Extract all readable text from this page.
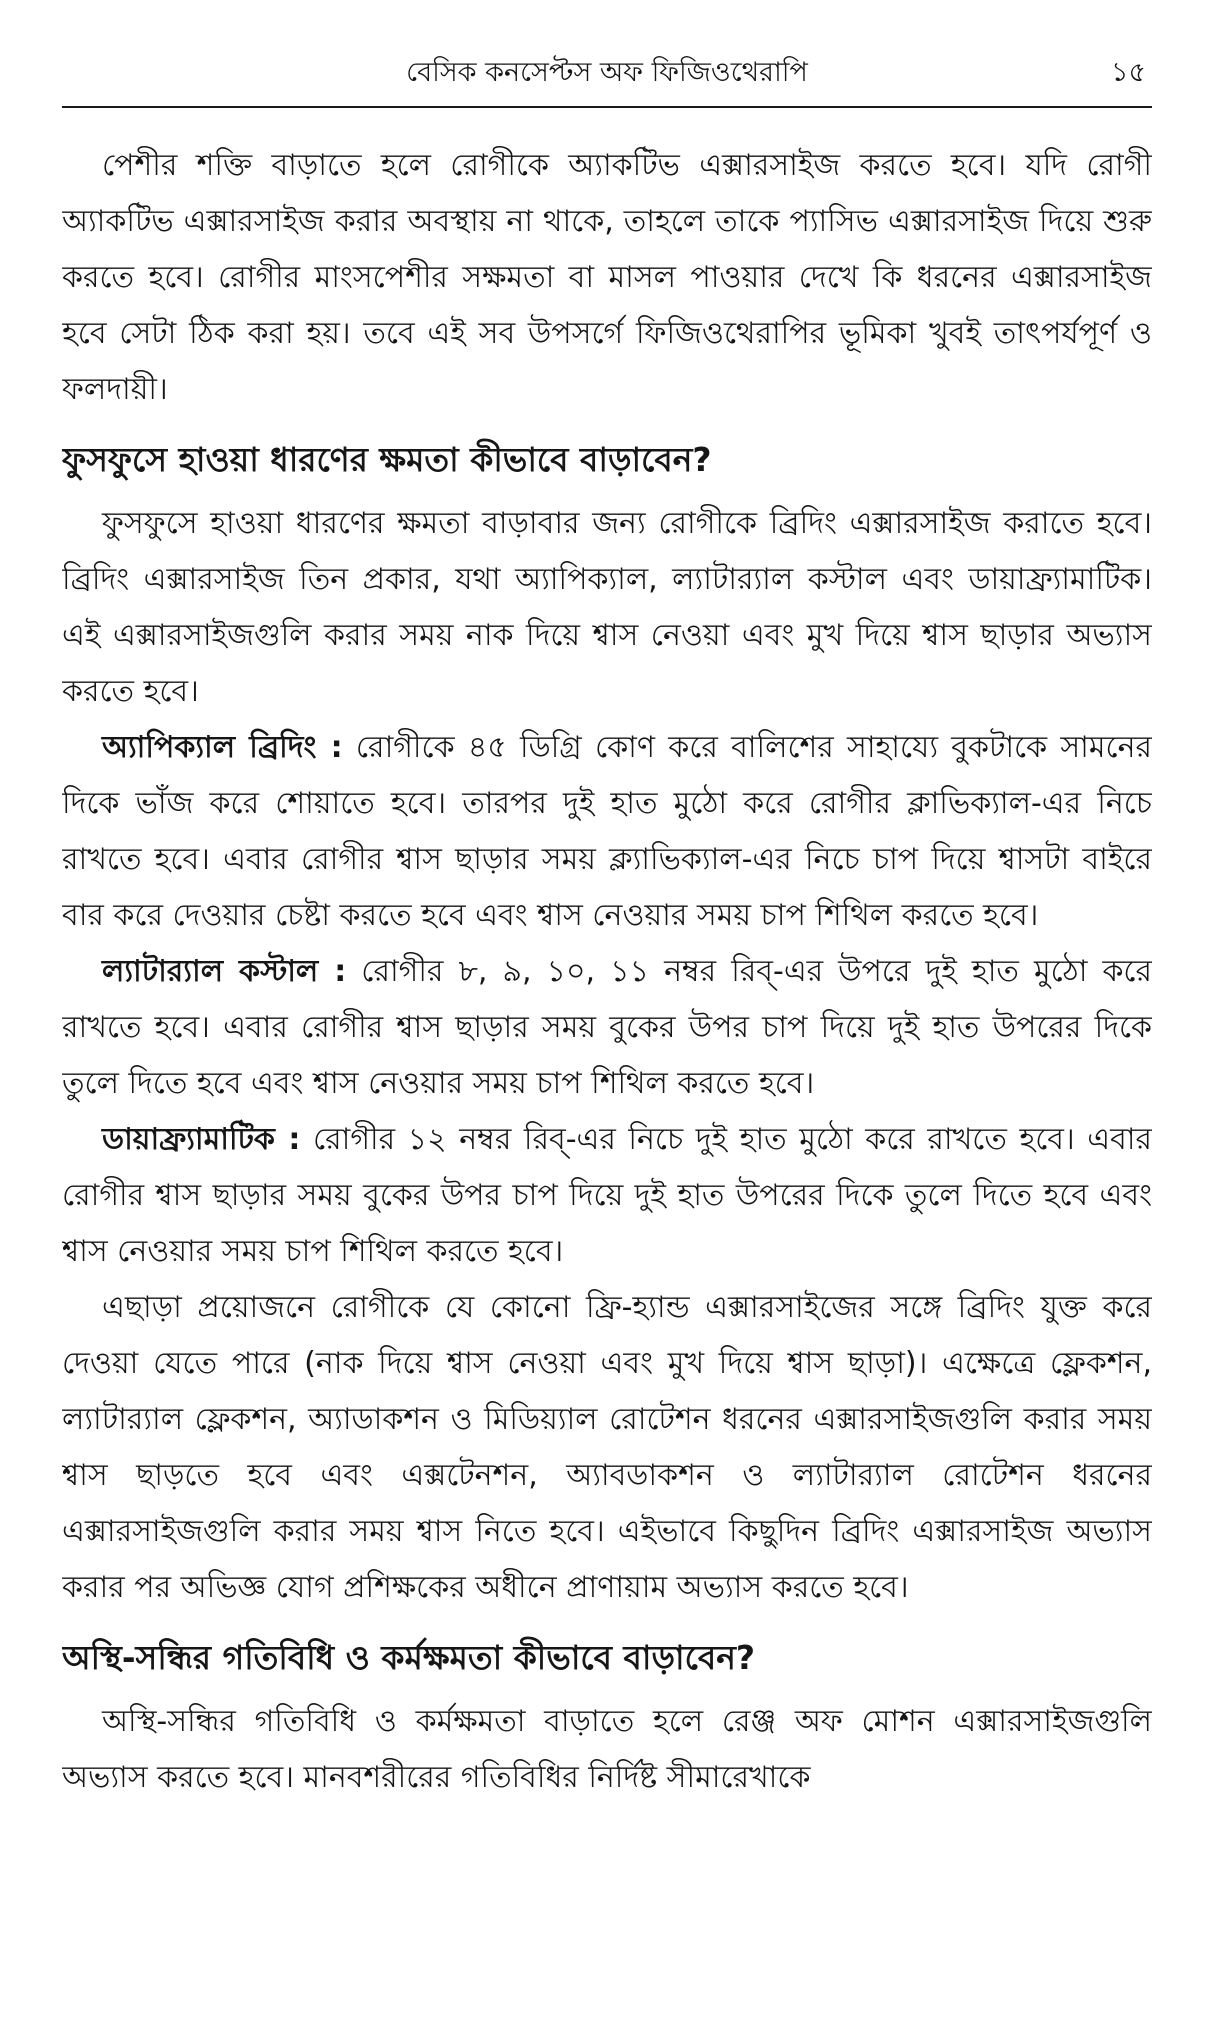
বেসিক কনসেপ্টস অফ ফিজিওথেরাপি	১৫

পেশীর শক্তি বাড়াতে হলে রোগীকে অ্যাকটিভ এক্সারসাইজ করতে হবে। যদি রোগী অ্যাকটিভ এক্সারসাইজ করার অবস্থায় না থাকে, তাহলে তাকে প্যাসিভ এক্সারসাইজ দিয়ে শুরু করতে হবে। রোগীর মাংসপেশীর সক্ষমতা বা মাসল পাওয়ার দেখে কি ধরনের এক্সারসাইজ হবে সেটা ঠিক করা হয়। তবে এই সব উপসর্গে ফিজিওথেরাপির ভূমিকা খুবই তাৎপর্যপূর্ণ ও ফলদায়ী।

ফুসফুসে হাওয়া ধারণের ক্ষমতা কীভাবে বাড়াবেন?

ফুসফুসে হাওয়া ধারণের ক্ষমতা বাড়াবার জন্য রোগীকে ব্রিদিং এক্সারসাইজ করাতে হবে। ব্রিদিং এক্সারসাইজ তিন প্রকার, যথা অ্যাপিক্যাল, ল্যাটার‍্যাল কস্টাল এবং ডায়াফ্র্যামাটিক। এই এক্সারসাইজগুলি করার সময় নাক দিয়ে শ্বাস নেওয়া এবং মুখ দিয়ে শ্বাস ছাড়ার অভ্যাস করতে হবে।

অ্যাপিক্যাল ব্রিদিং : রোগীকে ৪৫ ডিগ্রি কোণ করে বালিশের সাহায্যে বুকটাকে সামনের দিকে ভাঁজ করে শোয়াতে হবে। তারপর দুই হাত মুঠো করে রোগীর ক্লাভিক্যাল-এর নিচে রাখতে হবে। এবার রোগীর শ্বাস ছাড়ার সময় ক্ল্যাভিক্যাল-এর নিচে চাপ দিয়ে শ্বাসটা বাইরে বার করে দেওয়ার চেষ্টা করতে হবে এবং শ্বাস নেওয়ার সময় চাপ শিথিল করতে হবে।

ল্যাটার‍্যাল কস্টাল : রোগীর ৮, ৯, ১০, ১১ নম্বর রিব্-এর উপরে দুই হাত মুঠো করে রাখতে হবে। এবার রোগীর শ্বাস ছাড়ার সময় বুকের উপর চাপ দিয়ে দুই হাত উপরের দিকে তুলে দিতে হবে এবং শ্বাস নেওয়ার সময় চাপ শিথিল করতে হবে।

ডায়াফ্র্যামাটিক : রোগীর ১২ নম্বর রিব্-এর নিচে দুই হাত মুঠো করে রাখতে হবে। এবার রোগীর শ্বাস ছাড়ার সময় বুকের উপর চাপ দিয়ে দুই হাত উপরের দিকে তুলে দিতে হবে এবং শ্বাস নেওয়ার সময় চাপ শিথিল করতে হবে।

এছাড়া প্রয়োজনে রোগীকে যে কোনো ফ্রি-হ্যান্ড এক্সারসাইজের সঙ্গে ব্রিদিং যুক্ত করে দেওয়া যেতে পারে (নাক দিয়ে শ্বাস নেওয়া এবং মুখ দিয়ে শ্বাস ছাড়া)। এক্ষেত্রে ফ্লেকশন, ল্যাটার‍্যাল ফ্লেকশন, অ্যাডাকশন ও মিডিয়্যাল রোটেশন ধরনের এক্সারসাইজগুলি করার সময় শ্বাস ছাড়তে হবে এবং এক্সটেনশন, অ্যাবডাকশন ও ল্যাটার‍্যাল রোটেশন ধরনের এক্সারসাইজগুলি করার সময় শ্বাস নিতে হবে। এইভাবে কিছুদিন ব্রিদিং এক্সারসাইজ অভ্যাস করার পর অভিজ্ঞ যোগ প্রশিক্ষকের অধীনে প্রাণায়াম অভ্যাস করতে হবে।

অস্থি-সন্ধির গতিবিধি ও কর্মক্ষমতা কীভাবে বাড়াবেন?

অস্থি-সন্ধির গতিবিধি ও কর্মক্ষমতা বাড়াতে হলে রেঞ্জ অফ মোশন এক্সারসাইজগুলি অভ্যাস করতে হবে। মানবশরীরের গতিবিধির নির্দিষ্ট সীমারেখাকে
